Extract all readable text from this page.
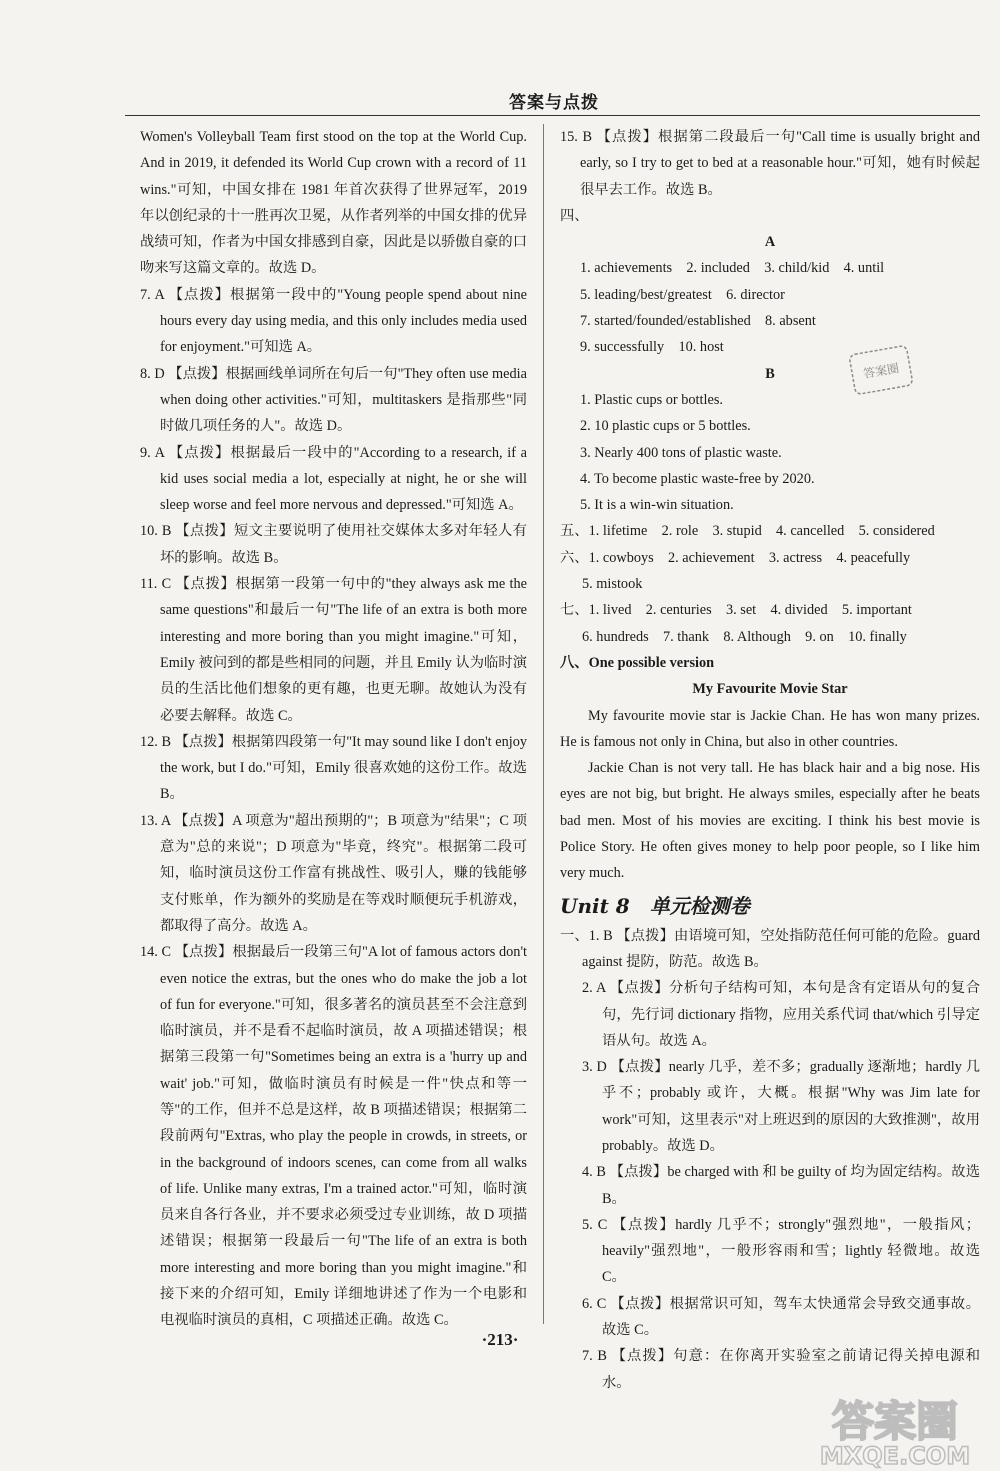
答案与点拨

Women's Volleyball Team first stood on the top at the World Cup. And in 2019, it defended its World Cup crown with a record of 11 wins."可知，中国女排在 1981 年首次获得了世界冠军，2019 年以创纪录的十一胜再次卫冕，从作者列举的中国女排的优异战绩可知，作者为中国女排感到自豪，因此是以骄傲自豪的口吻来写这篇文章的。故选 D。

7. A 【点拨】根据第一段中的"Young people spend about nine hours every day using media, and this only includes media used for enjoyment."可知选 A。

8. D 【点拨】根据画线单词所在句后一句"They often use media when doing other activities."可知，multitaskers 是指那些"同时做几项任务的人"。故选 D。

9. A 【点拨】根据最后一段中的"According to a research, if a kid uses social media a lot, especially at night, he or she will sleep worse and feel more nervous and depressed."可知选 A。

10. B 【点拨】短文主要说明了使用社交媒体太多对年轻人有坏的影响。故选 B。

11. C 【点拨】根据第一段第一句中的"they always ask me the same questions"和最后一句"The life of an extra is both more interesting and more boring than you might imagine."可知，Emily 被问到的都是些相同的问题，并且 Emily 认为临时演员的生活比他们想象的更有趣，也更无聊。故她认为没有必要去解释。故选 C。

12. B 【点拨】根据第四段第一句"It may sound like I don't enjoy the work, but I do."可知，Emily 很喜欢她的这份工作。故选 B。

13. A 【点拨】A 项意为"超出预期的"；B 项意为"结果"；C 项意为"总的来说"；D 项意为"毕竟，终究"。根据第二段可知，临时演员这份工作富有挑战性、吸引人，赚的钱能够支付账单，作为额外的奖励是在等戏时顺便玩手机游戏，都取得了高分。故选 A。

14. C 【点拨】根据最后一段第三句"A lot of famous actors don't even notice the extras, but the ones who do make the job a lot of fun for everyone."可知，很多著名的演员甚至不会注意到临时演员，并不是看不起临时演员，故 A 项描述错误；根据第三段第一句"Sometimes being an extra is a 'hurry up and wait' job."可知，做临时演员有时候是一件"快点和等一等"的工作，但并不总是这样，故 B 项描述错误；根据第二段前两句"Extras, who play the people in crowds, in streets, or in the background of indoors scenes, can come from all walks of life. Unlike many extras, I'm a trained actor."可知，临时演员来自各行各业，并不要求必须受过专业训练，故 D 项描述错误；根据第一段最后一句"The life of an extra is both more interesting and more boring than you might imagine."和接下来的介绍可知，Emily 详细地讲述了作为一个电影和电视临时演员的真相，C 项描述正确。故选 C。

15. B 【点拨】根据第二段最后一句"Call time is usually bright and early, so I try to get to bed at a reasonable hour."可知，她有时候起很早去工作。故选 B。

四、

A

1. achievements　2. included　3. child/kid　4. until

5. leading/best/greatest　6. director

7. started/founded/established　8. absent

9. successfully　10. host

B

1. Plastic cups or bottles.

2. 10 plastic cups or 5 bottles.

3. Nearly 400 tons of plastic waste.

4. To become plastic waste-free by 2020.

5. It is a win-win situation.

五、1. lifetime　2. role　3. stupid　4. cancelled　5. considered

六、1. cowboys　2. achievement　3. actress　4. peacefully

5. mistook

七、1. lived　2. centuries　3. set　4. divided　5. important

6. hundreds　7. thank　8. Although　9. on　10. finally

八、One possible version

My Favourite Movie Star

My favourite movie star is Jackie Chan. He has won many prizes. He is famous not only in China, but also in other countries.

Jackie Chan is not very tall. He has black hair and a big nose. His eyes are not big, but bright. He always smiles, especially after he beats bad men. Most of his movies are exciting. I think his best movie is Police Story. He often gives money to help poor people, so I like him very much.

Unit 8　单元检测卷

一、1. B 【点拨】由语境可知，空处指防范任何可能的危险。guard against 提防，防范。故选 B。

2. A 【点拨】分析句子结构可知，本句是含有定语从句的复合句，先行词 dictionary 指物，应用关系代词 that/which 引导定语从句。故选 A。

3. D 【点拨】nearly 几乎，差不多；gradually 逐渐地；hardly 几乎不；probably 或许，大概。根据"Why was Jim late for work"可知，这里表示"对上班迟到的原因的大致推测"，故用 probably。故选 D。

4. B 【点拨】be charged with 和 be guilty of 均为固定结构。故选 B。

5. C 【点拨】hardly 几乎不；strongly"强烈地"，一般指风；heavily"强烈地"，一般形容雨和雪；lightly 轻微地。故选 C。

6. C 【点拨】根据常识可知，驾车太快通常会导致交通事故。故选 C。

7. B 【点拨】句意：在你离开实验室之前请记得关掉电源和水。

答案圈
·213·
答案圈
MXQE.COM
